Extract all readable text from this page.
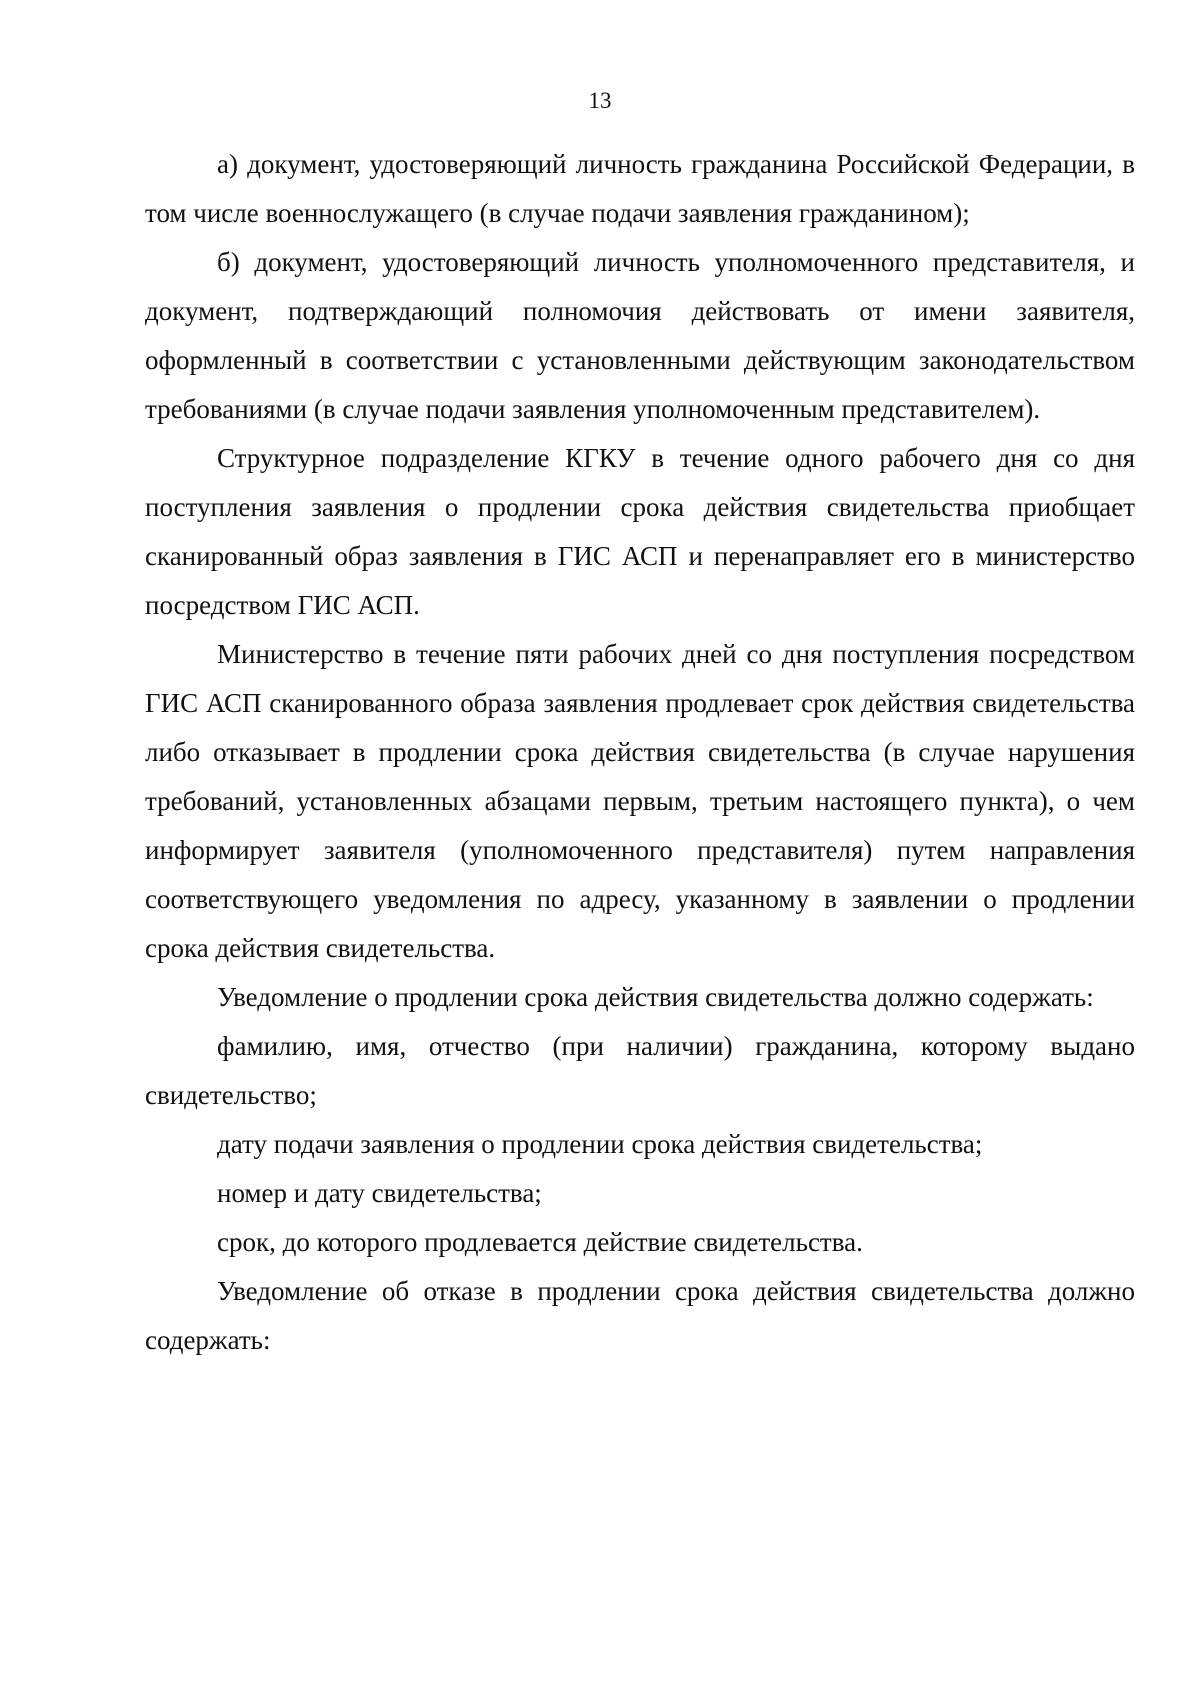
13

а) документ, удостоверяющий личность гражданина Российской Федерации, в том числе военнослужащего (в случае подачи заявления гражданином);

б) документ, удостоверяющий личность уполномоченного представителя, и документ, подтверждающий полномочия действовать от имени заявителя, оформленный в соответствии с установленными действующим законодательством требованиями (в случае подачи заявления уполномоченным представителем).

Структурное подразделение КГКУ в течение одного рабочего дня со дня поступления заявления о продлении срока действия свидетельства приобщает сканированный образ заявления в ГИС АСП и перенаправляет его в министерство посредством ГИС АСП.

Министерство в течение пяти рабочих дней со дня поступления посредством ГИС АСП сканированного образа заявления продлевает срок действия свидетельства либо отказывает в продлении срока действия свидетельства (в случае нарушения требований, установленных абзацами первым, третьим настоящего пункта), о чем информирует заявителя (уполномоченного представителя) путем направления соответствующего уведомления по адресу, указанному в заявлении о продлении срока действия свидетельства.

Уведомление о продлении срока действия свидетельства должно содержать:

фамилию, имя, отчество (при наличии) гражданина, которому выдано свидетельство;

дату подачи заявления о продлении срока действия свидетельства;

номер и дату свидетельства;

срок, до которого продлевается действие свидетельства.

Уведомление об отказе в продлении срока действия свидетельства должно содержать:
